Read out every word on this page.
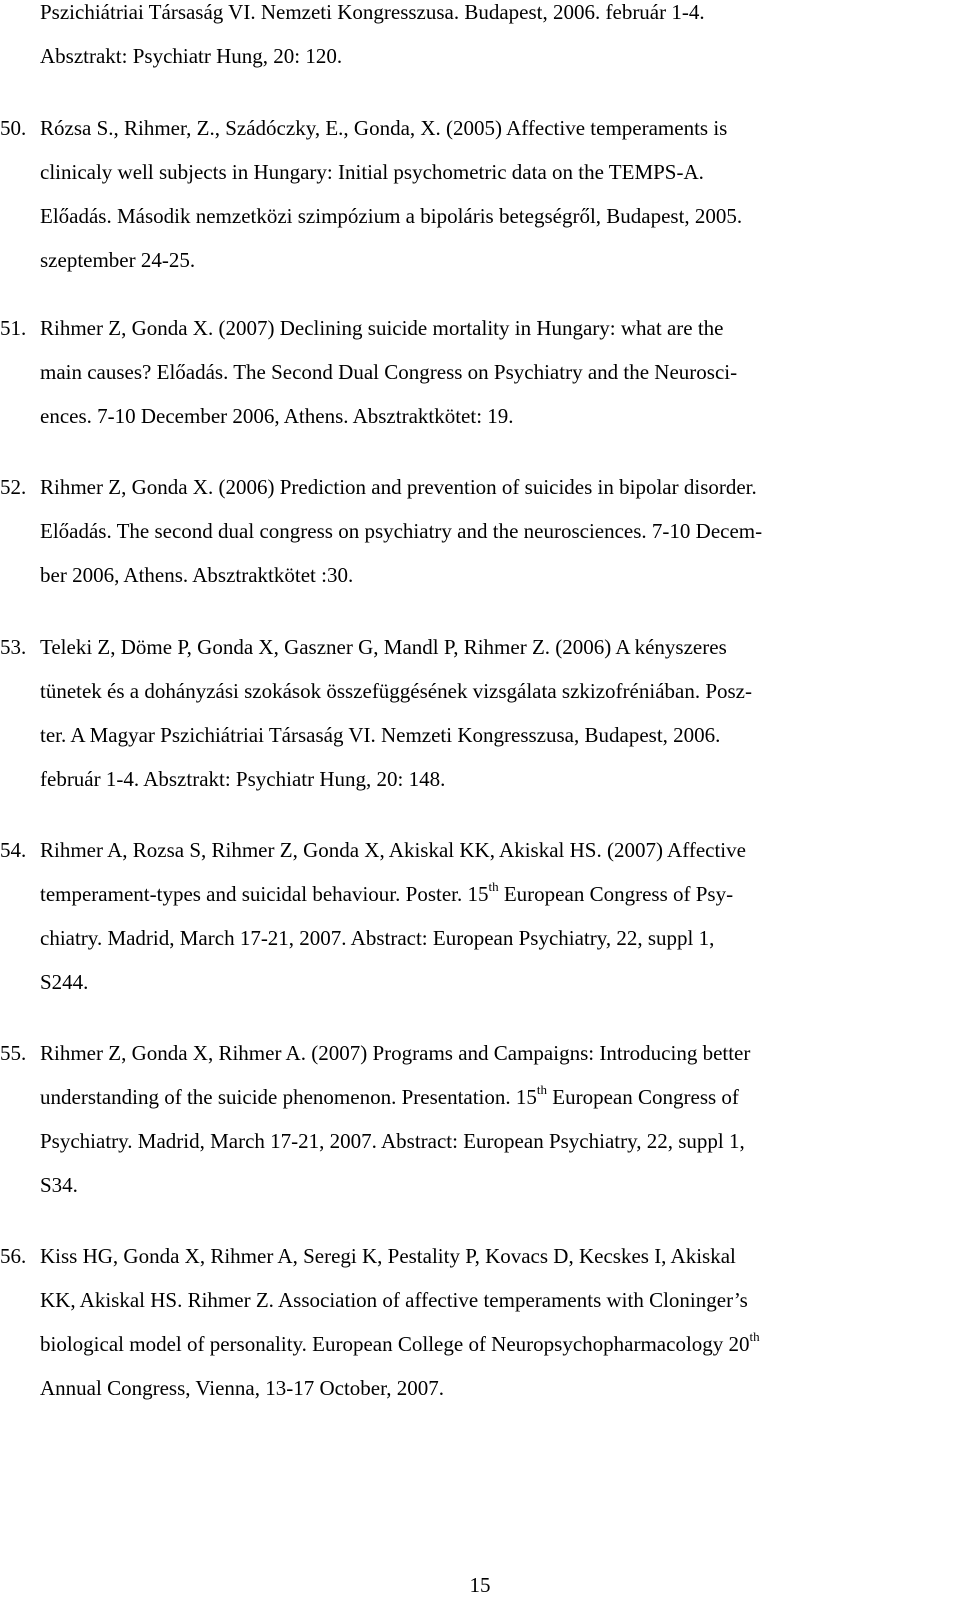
Pszichiátriai Társaság VI. Nemzeti Kongresszusa. Budapest, 2006. február 1-4.
Absztrakt: Psychiatr Hung, 20: 120.
50. Rózsa S., Rihmer, Z., Szádóczky, E., Gonda, X. (2005) Affective temperaments is
clinicaly well subjects in Hungary: Initial psychometric data on the TEMPS-A.
Előadás. Második nemzetközi szimpózium a bipoláris betegségről, Budapest, 2005.
szeptember 24-25.
51. Rihmer Z, Gonda X. (2007) Declining suicide mortality in Hungary: what are the
main causes? Előadás. The Second Dual Congress on Psychiatry and the Neurosci-
ences. 7-10 December 2006, Athens. Absztraktkötet: 19.
52. Rihmer Z, Gonda X. (2006) Prediction and prevention of suicides in bipolar disorder.
Előadás. The second dual congress on psychiatry and the neurosciences. 7-10 Decem-
ber 2006, Athens. Absztraktkötet :30.
53. Teleki Z, Döme P, Gonda X, Gaszner G, Mandl P, Rihmer Z. (2006) A kényszeres
tünetek és a dohányzási szokások összefüggésének vizsgálata szkizofréniában. Posz-
ter. A Magyar Pszichiátriai Társaság VI. Nemzeti Kongresszusa, Budapest, 2006.
február 1-4. Absztrakt: Psychiatr Hung, 20: 148.
54. Rihmer A, Rozsa S, Rihmer Z, Gonda X, Akiskal KK, Akiskal HS. (2007) Affective
temperament-types and suicidal behaviour. Poster. 15th European Congress of Psy-
chiatry. Madrid, March 17-21, 2007. Abstract: European Psychiatry, 22, suppl 1,
S244.
55. Rihmer Z, Gonda X, Rihmer A. (2007) Programs and Campaigns: Introducing better
understanding of the suicide phenomenon. Presentation. 15th European Congress of
Psychiatry. Madrid, March 17-21, 2007. Abstract: European Psychiatry, 22, suppl 1,
S34.
56. Kiss HG, Gonda X, Rihmer A, Seregi K, Pestality P, Kovacs D, Kecskes I, Akiskal
KK, Akiskal HS. Rihmer Z. Association of affective temperaments with Cloninger’s
biological model of personality. European College of Neuropsychopharmacology 20th
Annual Congress, Vienna, 13-17 October, 2007.
15
